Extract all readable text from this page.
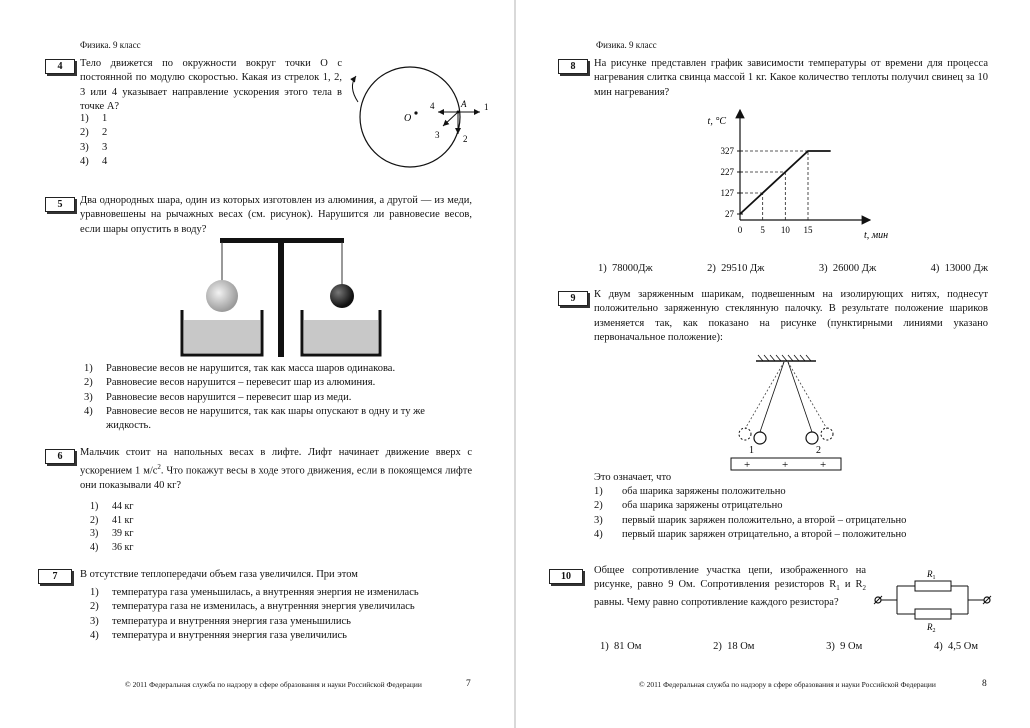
Физика. 9 класс
4	Тело движется по окружности вокруг точки O с постоянной по модулю скоростью. Какая из стрелок 1, 2, 3 или 4 указывает направление ускорения этого тела в точке A?
1) 1
2) 2
3) 3
4) 4
O
A 1
2
3
4
5	Два однородных шара, один из которых изготовлен из алюминия, а другой — из меди, уравновешены на рычажных весах (см. рисунок). Нарушится ли равновесие весов, если шары опустить в воду?
1) Равновесие весов не нарушится, так как масса шаров одинакова.
2) Равновесие весов нарушится – перевесит шар из алюминия.
3) Равновесие весов нарушится – перевесит шар из меди.
4) Равновесие весов не нарушится, так как шары опускают в одну и ту же
жидкость.
6	Мальчик стоит на напольных весах в лифте. Лифт начинает движение вверх с ускорением 1 $м/с^2$. Что покажут весы в ходе этого движения, если в покоящемся лифте они показывали 40 кг?
1) 44 кг
2) 41 кг
3) 39 кг
4) 36 кг
7	В отсутствие теплопередачи объем газа увеличился. При этом
1) температура газа уменьшилась, а внутренняя энергия не изменилась
2) температура газа не изменилась, а внутренняя энергия увеличилась
3) температура и внутренняя энергия газа уменьшились
4) температура и внутренняя энергия газа увеличились
© 2011 Федеральная служба по надзору в сфере образования и науки Российской Федерации	7
Физика. 9 класс
8	На рисунке представлен график зависимости температуры от времени для процесса нагревания слитка свинца массой 1 кг. Какое количество теплоты получил свинец за 10 мин нагревания?
27
127
227
327
0 5 10 15
t, °C
t, мин
1) 78000Дж	2) 29510 Дж	3) 26000 Дж	4) 13000 Дж
9	К двум заряженным шарикам, подвешенным на изолирующих нитях, поднесут положительно заряженную стеклянную палочку. В результате положение шариков изменяется так, как показано на рисунке (пунктирными линиями указано первоначальное положение):
1	2
+	+	+
Это означает, что
1) оба шарика заряжены положительно
2) оба шарика заряжены отрицательно
3) первый шарик заряжен положительно, а второй – отрицательно
4) первый шарик заряжен отрицательно, а второй – положительно
10
Общее сопротивление участка цепи, изображенного на рисунке, равно 9 Ом. Сопротивления резисторов $R_1$ и $R_2$ равны. Чему равно сопротивление каждого резистора?
$R_1$
$R_2$
1) 81 Ом	2) 18 Ом	3) 9 Ом	4) 4,5 Ом
© 2011 Федеральная служба по надзору в сфере образования и науки Российской Федерации	8
